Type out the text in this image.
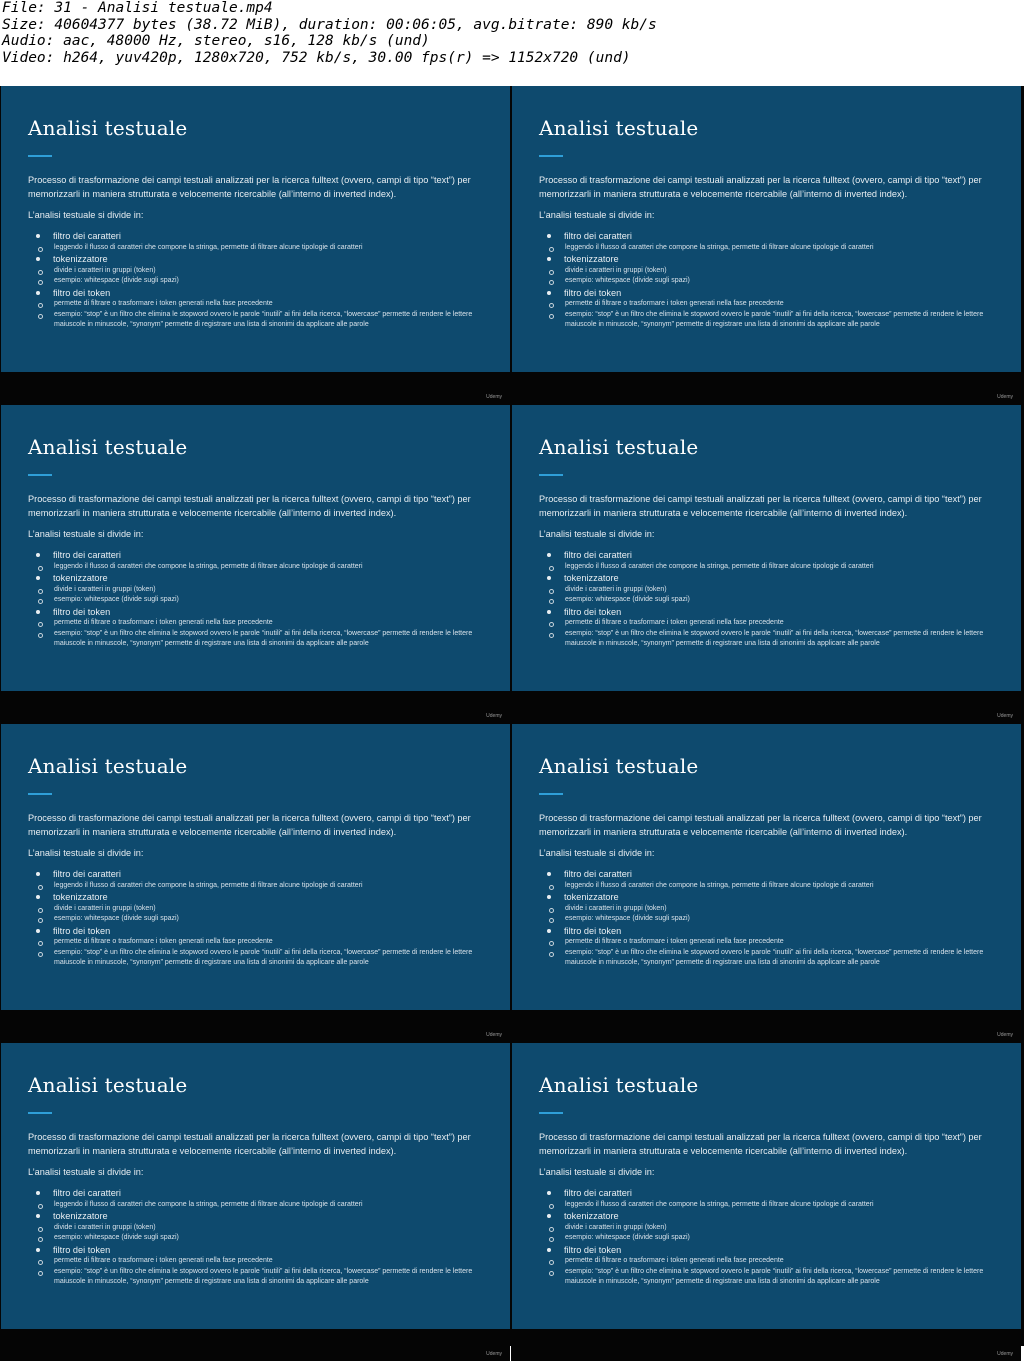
File: 31 - Analisi testuale.mp4
Size: 40604377 bytes (38.72 MiB), duration: 00:06:05, avg.bitrate: 890 kb/s
Audio: aac, 48000 Hz, stereo, s16, 128 kb/s (und)
Video: h264, yuv420p, 1280x720, 752 kb/s, 30.00 fps(r) => 1152x720 (und)
Analisi testuale
Processo di trasformazione dei campi testuali analizzati per la ricerca fulltext (ovvero, campi di tipo “text”) per memorizzarli in maniera strutturata e velocemente ricercabile (all’interno di inverted index).
L’analisi testuale si divide in:
filtro dei caratteri
leggendo il flusso di caratteri che compone la stringa, permette di filtrare alcune tipologie di caratteri
tokenizzatore
divide i caratteri in gruppi (token)
esempio: whitespace (divide sugli spazi)
filtro dei token
permette di filtrare o trasformare i token generati nella fase precedente
esempio: “stop” è un filtro che elimina le stopword ovvero le parole “inutili” ai fini della ricerca, “lowercase” permette di rendere le lettere maiuscole in minuscole, “synonym” permette di registrare una lista di sinonimi da applicare alle parole
Udemy
Analisi testuale
Processo di trasformazione dei campi testuali analizzati per la ricerca fulltext (ovvero, campi di tipo “text”) per memorizzarli in maniera strutturata e velocemente ricercabile (all’interno di inverted index).
L’analisi testuale si divide in:
filtro dei caratteri
leggendo il flusso di caratteri che compone la stringa, permette di filtrare alcune tipologie di caratteri
tokenizzatore
divide i caratteri in gruppi (token)
esempio: whitespace (divide sugli spazi)
filtro dei token
permette di filtrare o trasformare i token generati nella fase precedente
esempio: “stop” è un filtro che elimina le stopword ovvero le parole “inutili” ai fini della ricerca, “lowercase” permette di rendere le lettere maiuscole in minuscole, “synonym” permette di registrare una lista di sinonimi da applicare alle parole
Udemy
Analisi testuale
Processo di trasformazione dei campi testuali analizzati per la ricerca fulltext (ovvero, campi di tipo “text”) per memorizzarli in maniera strutturata e velocemente ricercabile (all’interno di inverted index).
L’analisi testuale si divide in:
filtro dei caratteri
leggendo il flusso di caratteri che compone la stringa, permette di filtrare alcune tipologie di caratteri
tokenizzatore
divide i caratteri in gruppi (token)
esempio: whitespace (divide sugli spazi)
filtro dei token
permette di filtrare o trasformare i token generati nella fase precedente
esempio: “stop” è un filtro che elimina le stopword ovvero le parole “inutili” ai fini della ricerca, “lowercase” permette di rendere le lettere maiuscole in minuscole, “synonym” permette di registrare una lista di sinonimi da applicare alle parole
Udemy
Analisi testuale
Processo di trasformazione dei campi testuali analizzati per la ricerca fulltext (ovvero, campi di tipo “text”) per memorizzarli in maniera strutturata e velocemente ricercabile (all’interno di inverted index).
L’analisi testuale si divide in:
filtro dei caratteri
leggendo il flusso di caratteri che compone la stringa, permette di filtrare alcune tipologie di caratteri
tokenizzatore
divide i caratteri in gruppi (token)
esempio: whitespace (divide sugli spazi)
filtro dei token
permette di filtrare o trasformare i token generati nella fase precedente
esempio: “stop” è un filtro che elimina le stopword ovvero le parole “inutili” ai fini della ricerca, “lowercase” permette di rendere le lettere maiuscole in minuscole, “synonym” permette di registrare una lista di sinonimi da applicare alle parole
Udemy
Analisi testuale
Processo di trasformazione dei campi testuali analizzati per la ricerca fulltext (ovvero, campi di tipo “text”) per memorizzarli in maniera strutturata e velocemente ricercabile (all’interno di inverted index).
L’analisi testuale si divide in:
filtro dei caratteri
leggendo il flusso di caratteri che compone la stringa, permette di filtrare alcune tipologie di caratteri
tokenizzatore
divide i caratteri in gruppi (token)
esempio: whitespace (divide sugli spazi)
filtro dei token
permette di filtrare o trasformare i token generati nella fase precedente
esempio: “stop” è un filtro che elimina le stopword ovvero le parole “inutili” ai fini della ricerca, “lowercase” permette di rendere le lettere maiuscole in minuscole, “synonym” permette di registrare una lista di sinonimi da applicare alle parole
Udemy
Analisi testuale
Processo di trasformazione dei campi testuali analizzati per la ricerca fulltext (ovvero, campi di tipo “text”) per memorizzarli in maniera strutturata e velocemente ricercabile (all’interno di inverted index).
L’analisi testuale si divide in:
filtro dei caratteri
leggendo il flusso di caratteri che compone la stringa, permette di filtrare alcune tipologie di caratteri
tokenizzatore
divide i caratteri in gruppi (token)
esempio: whitespace (divide sugli spazi)
filtro dei token
permette di filtrare o trasformare i token generati nella fase precedente
esempio: “stop” è un filtro che elimina le stopword ovvero le parole “inutili” ai fini della ricerca, “lowercase” permette di rendere le lettere maiuscole in minuscole, “synonym” permette di registrare una lista di sinonimi da applicare alle parole
Udemy
Analisi testuale
Processo di trasformazione dei campi testuali analizzati per la ricerca fulltext (ovvero, campi di tipo “text”) per memorizzarli in maniera strutturata e velocemente ricercabile (all’interno di inverted index).
L’analisi testuale si divide in:
filtro dei caratteri
leggendo il flusso di caratteri che compone la stringa, permette di filtrare alcune tipologie di caratteri
tokenizzatore
divide i caratteri in gruppi (token)
esempio: whitespace (divide sugli spazi)
filtro dei token
permette di filtrare o trasformare i token generati nella fase precedente
esempio: “stop” è un filtro che elimina le stopword ovvero le parole “inutili” ai fini della ricerca, “lowercase” permette di rendere le lettere maiuscole in minuscole, “synonym” permette di registrare una lista di sinonimi da applicare alle parole
Udemy
Analisi testuale
Processo di trasformazione dei campi testuali analizzati per la ricerca fulltext (ovvero, campi di tipo “text”) per memorizzarli in maniera strutturata e velocemente ricercabile (all’interno di inverted index).
L’analisi testuale si divide in:
filtro dei caratteri
leggendo il flusso di caratteri che compone la stringa, permette di filtrare alcune tipologie di caratteri
tokenizzatore
divide i caratteri in gruppi (token)
esempio: whitespace (divide sugli spazi)
filtro dei token
permette di filtrare o trasformare i token generati nella fase precedente
esempio: “stop” è un filtro che elimina le stopword ovvero le parole “inutili” ai fini della ricerca, “lowercase” permette di rendere le lettere maiuscole in minuscole, “synonym” permette di registrare una lista di sinonimi da applicare alle parole
Udemy
